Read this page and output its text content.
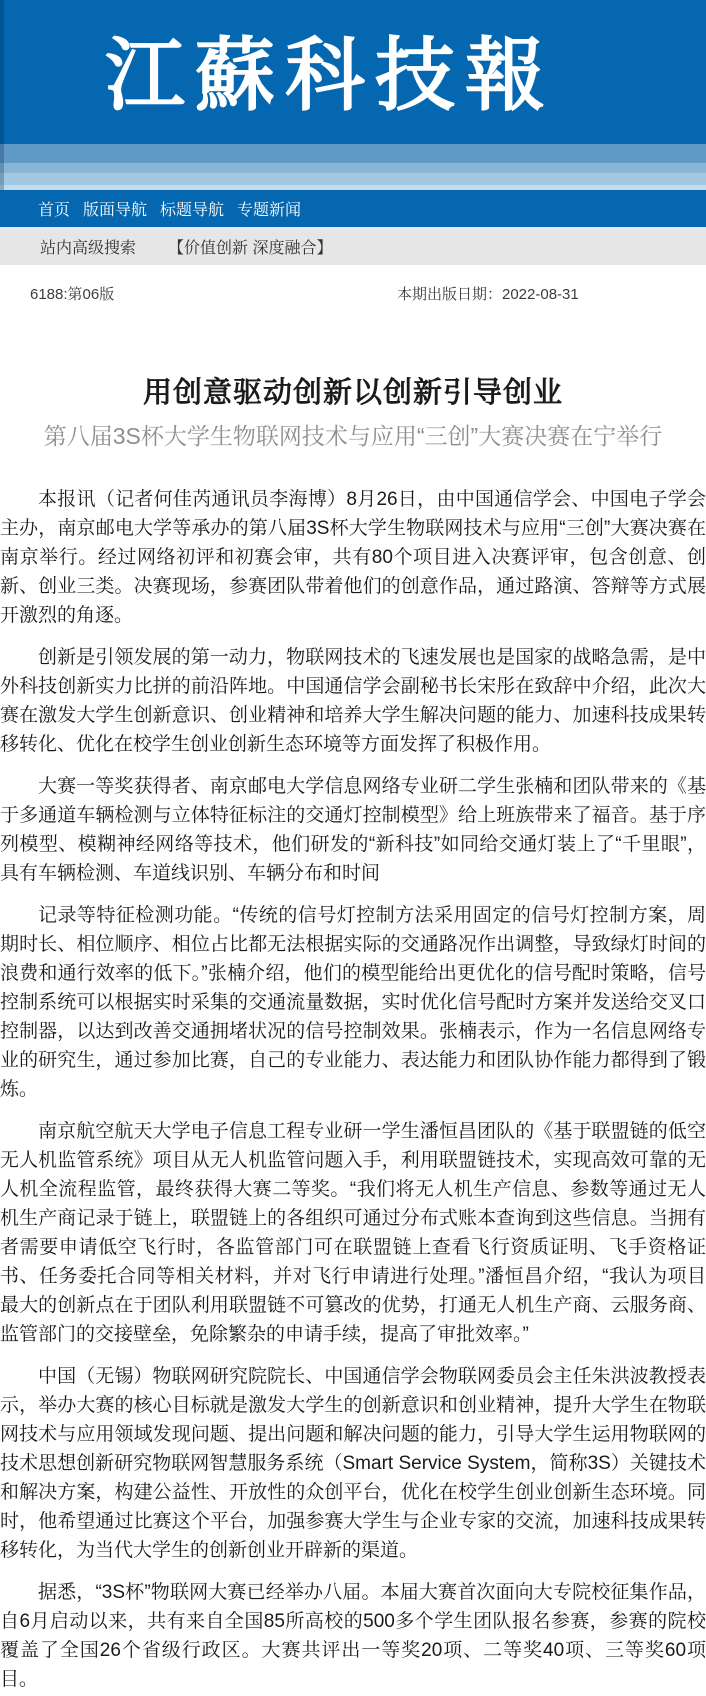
江蘇科技報
首页 版面导航 标题导航 专题新闻
站内高级搜索 【价值创新 深度融合】
6188:第06版	本期出版日期：2022-08-31
用创意驱动创新以创新引导创业
第八届3S杯大学生物联网技术与应用“三创”大赛决赛在宁举行

本报讯（记者何佳芮通讯员李海博）8月26日，由中国通信学会、中国电子学会主办，南京邮电大学等承办的第八届3S杯大学生物联网技术与应用“三创”大赛决赛在南京举行。经过网络初评和初赛会审，共有80个项目进入决赛评审，包含创意、创新、创业三类。决赛现场，参赛团队带着他们的创意作品，通过路演、答辩等方式展开激烈的角逐。

创新是引领发展的第一动力，物联网技术的飞速发展也是国家的战略急需，是中外科技创新实力比拼的前沿阵地。中国通信学会副秘书长宋彤在致辞中介绍，此次大赛在激发大学生创新意识、创业精神和培养大学生解决问题的能力、加速科技成果转移转化、优化在校学生创业创新生态环境等方面发挥了积极作用。

大赛一等奖获得者、南京邮电大学信息网络专业研二学生张楠和团队带来的《基于多通道车辆检测与立体特征标注的交通灯控制模型》给上班族带来了福音。基于序列模型、模糊神经网络等技术，他们研发的“新科技”如同给交通灯装上了“千里眼”，具有车辆检测、车道线识别、车辆分布和时间

记录等特征检测功能。“传统的信号灯控制方法采用固定的信号灯控制方案，周期时长、相位顺序、相位占比都无法根据实际的交通路况作出调整，导致绿灯时间的浪费和通行效率的低下。”张楠介绍，他们的模型能给出更优化的信号配时策略，信号控制系统可以根据实时采集的交通流量数据，实时优化信号配时方案并发送给交叉口控制器，以达到改善交通拥堵状况的信号控制效果。张楠表示，作为一名信息网络专业的研究生，通过参加比赛，自己的专业能力、表达能力和团队协作能力都得到了锻炼。

南京航空航天大学电子信息工程专业研一学生潘恒昌团队的《基于联盟链的低空无人机监管系统》项目从无人机监管问题入手，利用联盟链技术，实现高效可靠的无人机全流程监管，最终获得大赛二等奖。“我们将无人机生产信息、参数等通过无人机生产商记录于链上，联盟链上的各组织可通过分布式账本查询到这些信息。当拥有者需要申请低空飞行时，各监管部门可在联盟链上查看飞行资质证明、飞手资格证书、任务委托合同等相关材料，并对飞行申请进行处理。”潘恒昌介绍，“我认为项目最大的创新点在于团队利用联盟链不可篡改的优势，打通无人机生产商、云服务商、监管部门的交接壁垒，免除繁杂的申请手续，提高了审批效率。”

中国（无锡）物联网研究院院长、中国通信学会物联网委员会主任朱洪波教授表示，举办大赛的核心目标就是激发大学生的创新意识和创业精神，提升大学生在物联网技术与应用领域发现问题、提出问题和解决问题的能力，引导大学生运用物联网的技术思想创新研究物联网智慧服务系统（Smart Service System，简称3S）关键技术和解决方案，构建公益性、开放性的众创平台，优化在校学生创业创新生态环境。同时，他希望通过比赛这个平台，加强参赛大学生与企业专家的交流，加速科技成果转移转化，为当代大学生的创新创业开辟新的渠道。

据悉，“3S杯”物联网大赛已经举办八届。本届大赛首次面向大专院校征集作品，自6月启动以来，共有来自全国85所高校的500多个学生团队报名参赛，参赛的院校覆盖了全国26个省级行政区。大赛共评出一等奖20项、二等奖40项、三等奖60项目。
